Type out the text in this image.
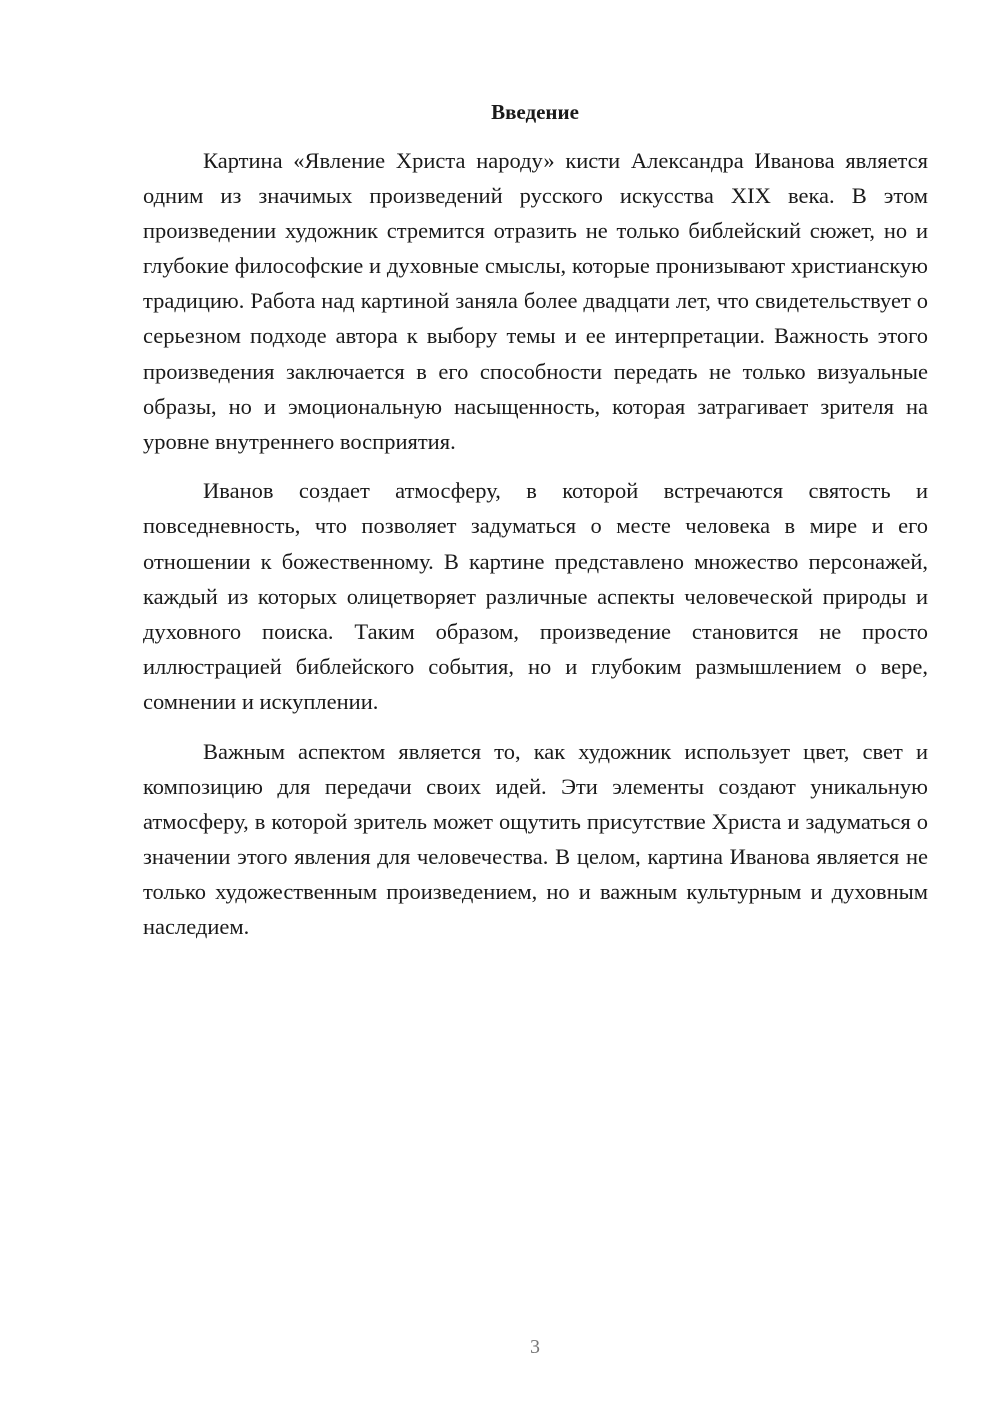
Введение

Картина «Явление Христа народу» кисти Александра Иванова является одним из значимых произведений русского искусства XIX века. В этом произведении художник стремится отразить не только библейский сюжет, но и глубокие философские и духовные смыслы, которые пронизывают христианскую традицию. Работа над картиной заняла более двадцати лет, что свидетельствует о серьезном подходе автора к выбору темы и ее интерпретации. Важность этого произведения заключается в его способности передать не только визуальные образы, но и эмоциональную насыщенность, которая затрагивает зрителя на уровне внутреннего восприятия.

Иванов создает атмосферу, в которой встречаются святость и повседневность, что позволяет задуматься о месте человека в мире и его отношении к божественному. В картине представлено множество персонажей, каждый из которых олицетворяет различные аспекты человеческой природы и духовного поиска. Таким образом, произведение становится не просто иллюстрацией библейского события, но и глубоким размышлением о вере, сомнении и искуплении.

Важным аспектом является то, как художник использует цвет, свет и композицию для передачи своих идей. Эти элементы создают уникальную атмосферу, в которой зритель может ощутить присутствие Христа и задуматься о значении этого явления для человечества. В целом, картина Иванова является не только художественным произведением, но и важным культурным и духовным наследием.

3
